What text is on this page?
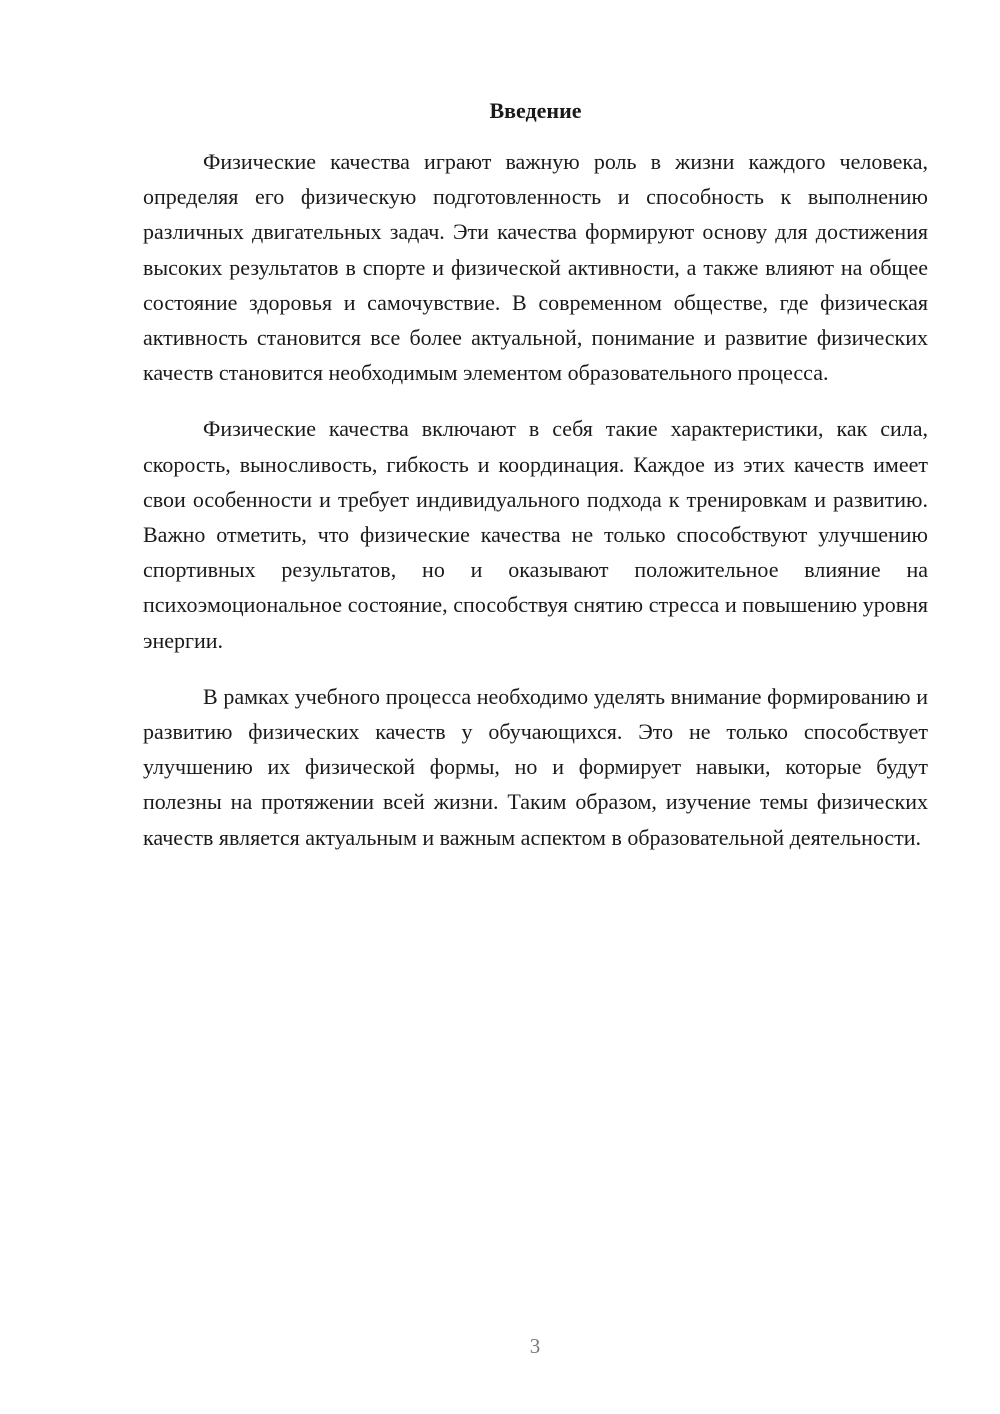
Введение

Физические качества играют важную роль в жизни каждого человека, определяя его физическую подготовленность и способность к выполнению различных двигательных задач. Эти качества формируют основу для достижения высоких результатов в спорте и физической активности, а также влияют на общее состояние здоровья и самочувствие. В современном обществе, где физическая активность становится все более актуальной, понимание и развитие физических качеств становится необходимым элементом образовательного процесса.

Физические качества включают в себя такие характеристики, как сила, скорость, выносливость, гибкость и координация. Каждое из этих качеств имеет свои особенности и требует индивидуального подхода к тренировкам и развитию. Важно отметить, что физические качества не только способствуют улучшению спортивных результатов, но и оказывают положительное влияние на психоэмоциональное состояние, способствуя снятию стресса и повышению уровня энергии.

В рамках учебного процесса необходимо уделять внимание формированию и развитию физических качеств у обучающихся. Это не только способствует улучшению их физической формы, но и формирует навыки, которые будут полезны на протяжении всей жизни. Таким образом, изучение темы физических качеств является актуальным и важным аспектом в образовательной деятельности.

3
